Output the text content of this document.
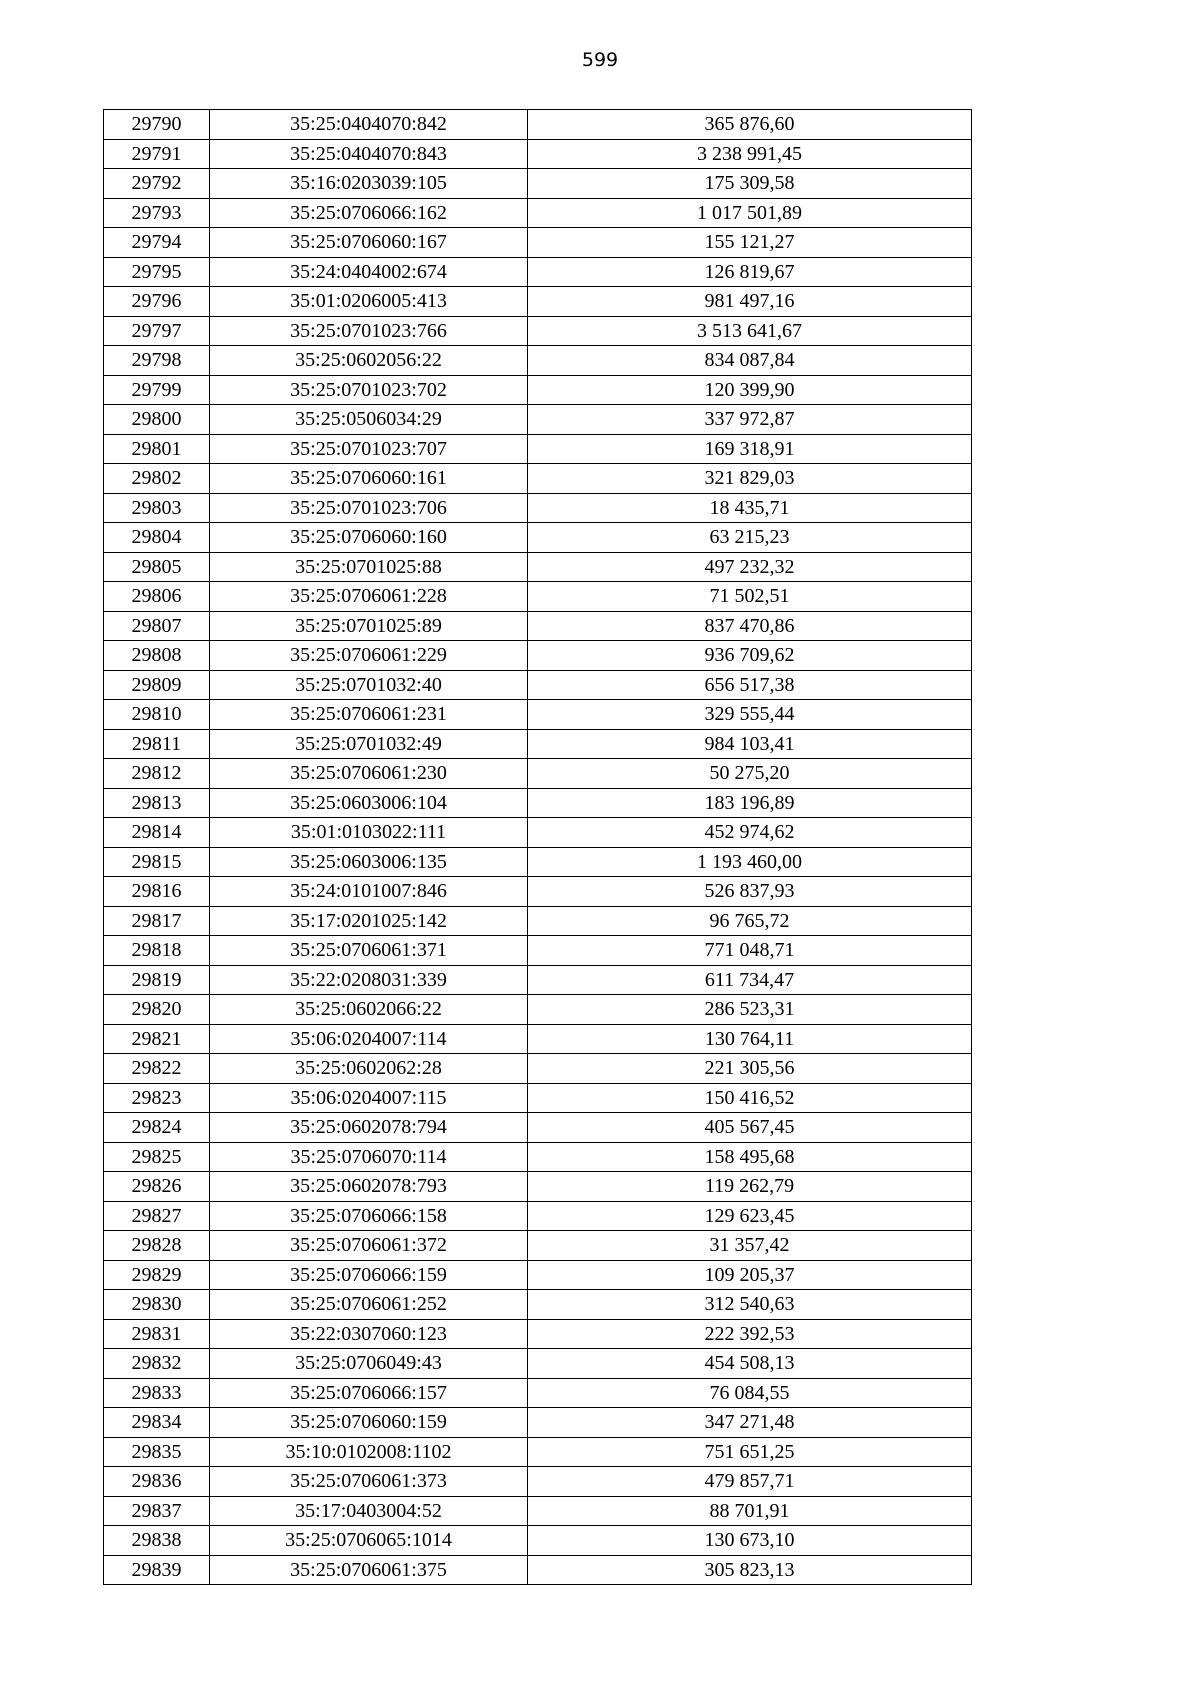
599
29790	35:25:0404070:842	365 876,60
29791	35:25:0404070:843	3 238 991,45
29792	35:16:0203039:105	175 309,58
29793	35:25:0706066:162	1 017 501,89
29794	35:25:0706060:167	155 121,27
29795	35:24:0404002:674	126 819,67
29796	35:01:0206005:413	981 497,16
29797	35:25:0701023:766	3 513 641,67
29798	35:25:0602056:22	834 087,84
29799	35:25:0701023:702	120 399,90
29800	35:25:0506034:29	337 972,87
29801	35:25:0701023:707	169 318,91
29802	35:25:0706060:161	321 829,03
29803	35:25:0701023:706	18 435,71
29804	35:25:0706060:160	63 215,23
29805	35:25:0701025:88	497 232,32
29806	35:25:0706061:228	71 502,51
29807	35:25:0701025:89	837 470,86
29808	35:25:0706061:229	936 709,62
29809	35:25:0701032:40	656 517,38
29810	35:25:0706061:231	329 555,44
29811	35:25:0701032:49	984 103,41
29812	35:25:0706061:230	50 275,20
29813	35:25:0603006:104	183 196,89
29814	35:01:0103022:111	452 974,62
29815	35:25:0603006:135	1 193 460,00
29816	35:24:0101007:846	526 837,93
29817	35:17:0201025:142	96 765,72
29818	35:25:0706061:371	771 048,71
29819	35:22:0208031:339	611 734,47
29820	35:25:0602066:22	286 523,31
29821	35:06:0204007:114	130 764,11
29822	35:25:0602062:28	221 305,56
29823	35:06:0204007:115	150 416,52
29824	35:25:0602078:794	405 567,45
29825	35:25:0706070:114	158 495,68
29826	35:25:0602078:793	119 262,79
29827	35:25:0706066:158	129 623,45
29828	35:25:0706061:372	31 357,42
29829	35:25:0706066:159	109 205,37
29830	35:25:0706061:252	312 540,63
29831	35:22:0307060:123	222 392,53
29832	35:25:0706049:43	454 508,13
29833	35:25:0706066:157	76 084,55
29834	35:25:0706060:159	347 271,48
29835	35:10:0102008:1102	751 651,25
29836	35:25:0706061:373	479 857,71
29837	35:17:0403004:52	88 701,91
29838	35:25:0706065:1014	130 673,10
29839	35:25:0706061:375	305 823,13
